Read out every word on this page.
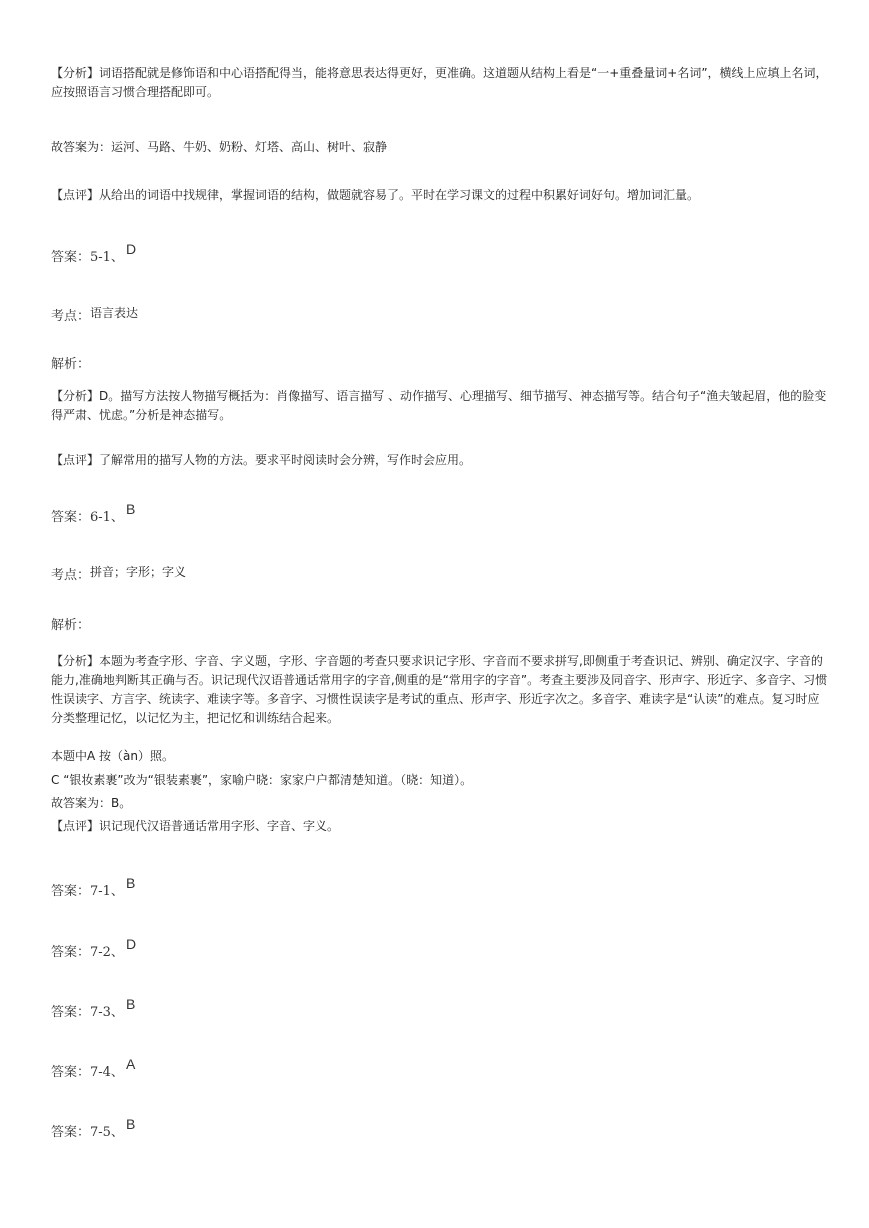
【分析】词语搭配就是修饰语和中心语搭配得当，能将意思表达得更好，更准确。这道题从结构上看是“一+重叠量词+名词”，横线上应填上名词，应按照语言习惯合理搭配即可。
故答案为：运河、马路、牛奶、奶粉、灯塔、高山、树叶、寂静
【点评】从给出的词语中找规律，掌握词语的结构，做题就容易了。平时在学习课文的过程中积累好词好句。增加词汇量。
答案：5-1、D
考点：语言表达
解析：
【分析】D。描写方法按人物描写概括为：肖像描写、语言描写 、动作描写、心理描写、细节描写、神态描写等。结合句子“渔夫皱起眉，他的脸变得严肃、忧虑。”分析是神态描写。
【点评】了解常用的描写人物的方法。要求平时阅读时会分辨，写作时会应用。
答案：6-1、B
考点：拼音；字形；字义
解析：
【分析】本题为考查字形、字音、字义题，字形、字音题的考查只要求识记字形、字音而不要求拼写,即侧重于考查识记、辨别、确定汉字、字音的能力,准确地判断其正确与否。识记现代汉语普通话常用字的字音,侧重的是“常用字的字音”。考查主要涉及同音字、形声字、形近字、多音字、习惯性误读字、方言字、统读字、难读字等。多音字、习惯性误读字是考试的重点、形声字、形近字次之。多音字、难读字是“认读”的难点。复习时应分类整理记忆，以记忆为主，把记忆和训练结合起来。
本题中A 按（àn）照。
C “银妆素裹”改为“银装素裹”，家喻户晓：家家户户都清楚知道。（晓：知道）。
故答案为：B。
【点评】识记现代汉语普通话常用字形、字音、字义。
答案：7-1、B
答案：7-2、D
答案：7-3、B
答案：7-4、A
答案：7-5、B
